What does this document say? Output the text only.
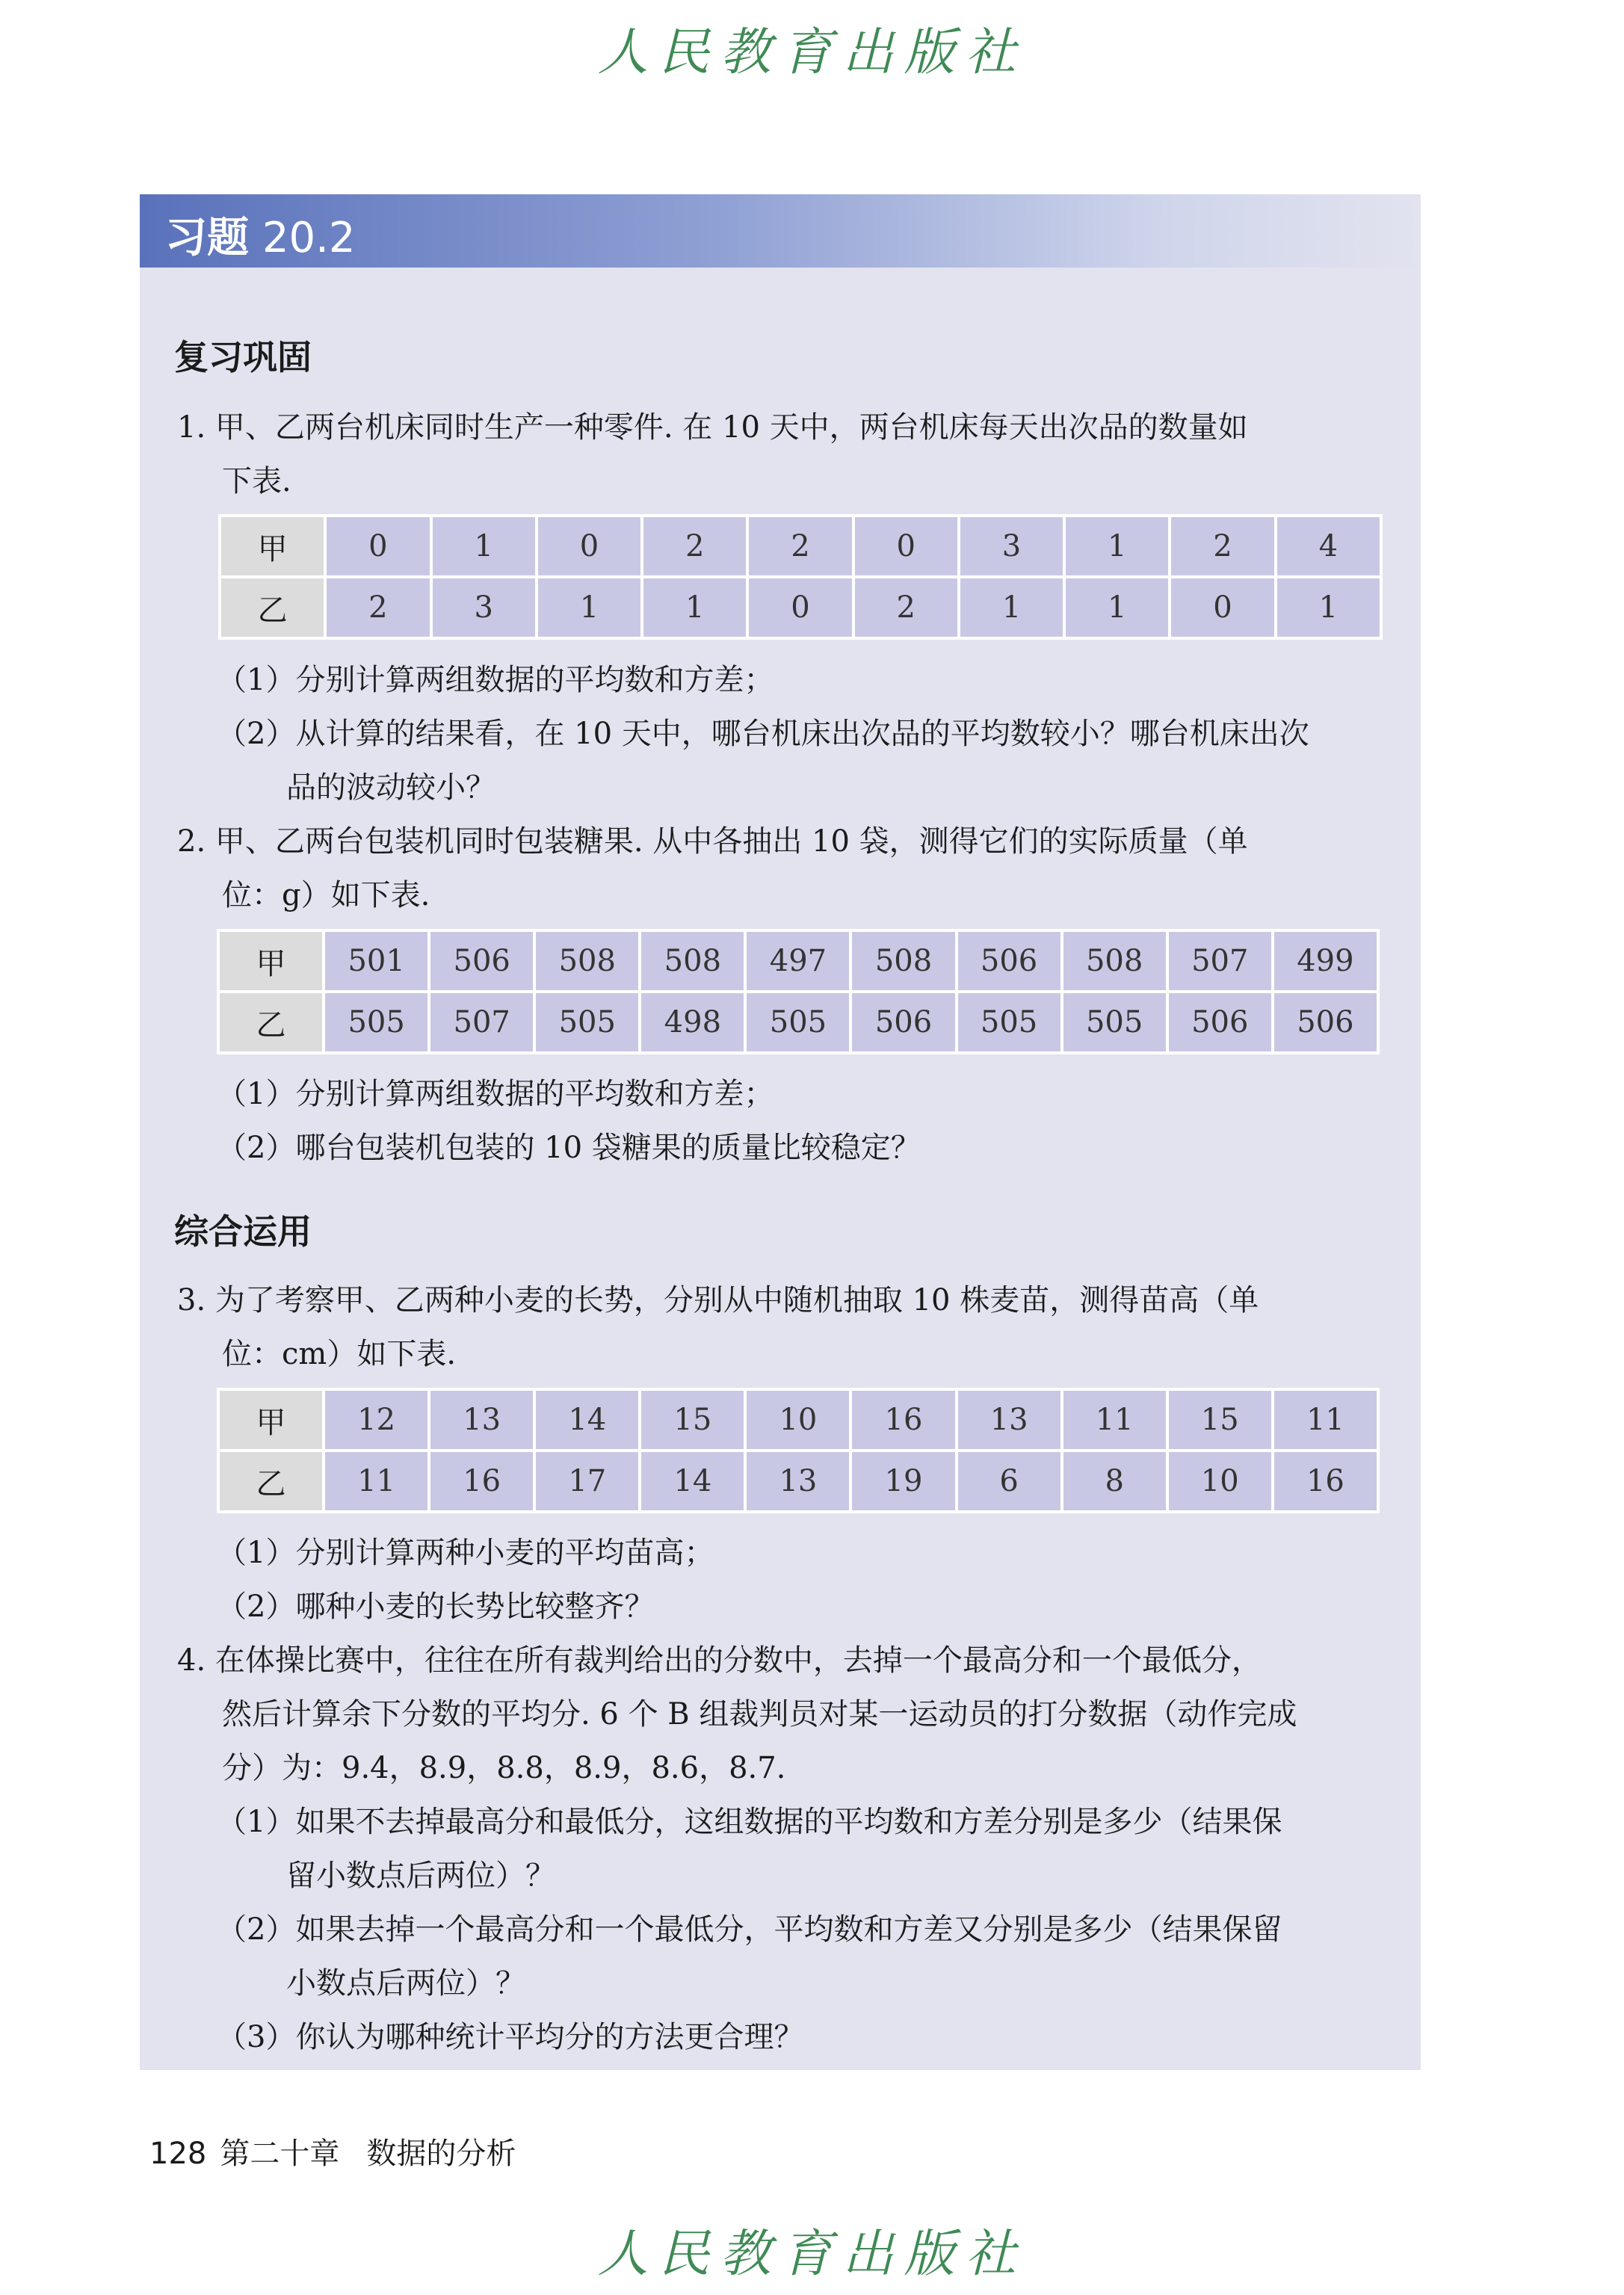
人民教育出版社
习题 20.2
复习巩固
1. 甲、乙两台机床同时生产一种零件. 在 10 天中，两台机床每天出次品的数量如
下表.
甲	0	1	0	2	2	0	3	1	2	4
乙	2	3	1	1	0	2	1	1	0	1
（1）分别计算两组数据的平均数和方差；
（2）从计算的结果看，在 10 天中，哪台机床出次品的平均数较小？哪台机床出次
品的波动较小？
2. 甲、乙两台包装机同时包装糖果. 从中各抽出 10 袋，测得它们的实际质量（单
位：g）如下表.
甲	501	506	508	508	497	508	506	508	507	499
乙	505	507	505	498	505	506	505	505	506	506
（1）分别计算两组数据的平均数和方差；
（2）哪台包装机包装的 10 袋糖果的质量比较稳定？
综合运用
3. 为了考察甲、乙两种小麦的长势，分别从中随机抽取 10 株麦苗，测得苗高（单
位：cm）如下表.
甲	12	13	14	15	10	16	13	11	15	11
乙	11	16	17	14	13	19	6	8	10	16
（1）分别计算两种小麦的平均苗高；
（2）哪种小麦的长势比较整齐？
4. 在体操比赛中，往往在所有裁判给出的分数中，去掉一个最高分和一个最低分，
然后计算余下分数的平均分. 6 个 B 组裁判员对某一运动员的打分数据（动作完成
分）为：9.4，8.9，8.8，8.9，8.6，8.7.
（1）如果不去掉最高分和最低分，这组数据的平均数和方差分别是多少（结果保
留小数点后两位）？
（2）如果去掉一个最高分和一个最低分，平均数和方差又分别是多少（结果保留
小数点后两位）？
（3）你认为哪种统计平均分的方法更合理？
128 第二十章 数据的分析
人民教育出版社
